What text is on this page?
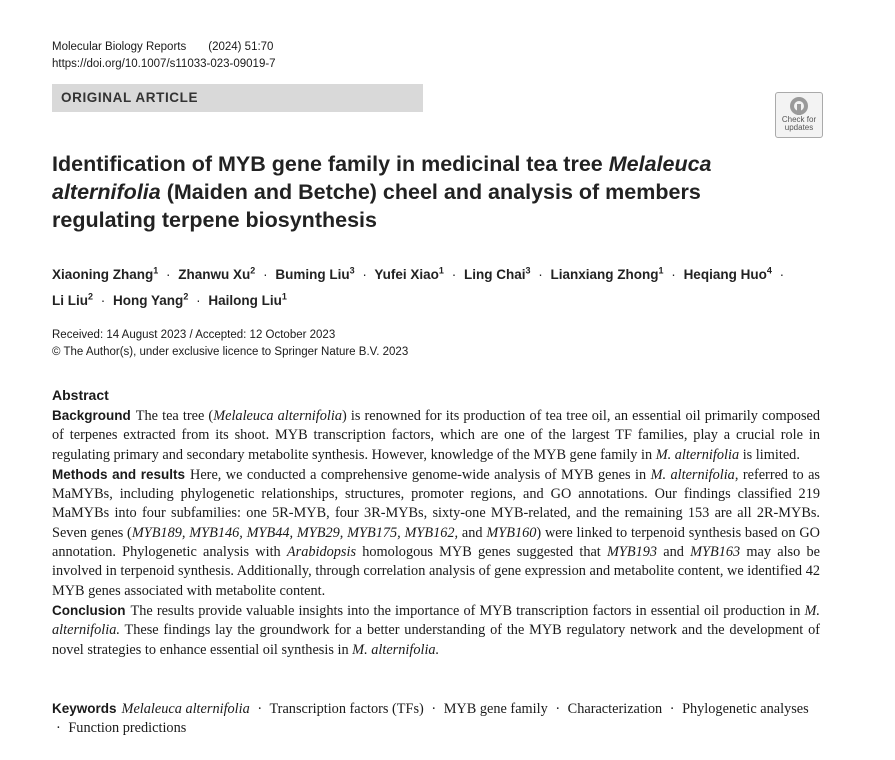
Molecular Biology Reports (2024) 51:70
https://doi.org/10.1007/s11033-023-09019-7
ORIGINAL ARTICLE
Check for
updates
Identification of MYB gene family in medicinal tea tree Melaleuca alternifolia (Maiden and Betche) cheel and analysis of members regulating terpene biosynthesis
Xiaoning Zhang$^1$ · Zhanwu $Xu^2 \cdot Buming$ Liu$^3$ · Yufei Xiao$^1$ · Ling Chai$^3$ · Lianxiang Zhong$^1$ · Heqiang Huo$^4$ · Li Liu$^2$ · Hong Yang$^2$ · Hailong Liu$^1$
Received: 14 August 2023 / Accepted: 12 October 2023
© The Author(s), under exclusive licence to Springer Nature B.V. 2023
Abstract

Background The tea tree (Melaleuca alternifolia) is renowned for its production of tea tree oil, an essential oil primarily composed of terpenes extracted from its shoot. MYB transcription factors, which are one of the largest TF families, play a crucial role in regulating primary and secondary metabolite synthesis. However, knowledge of the MYB gene family in M. alternifolia is limited.

Methods and results Here, we conducted a comprehensive genome-wide analysis of MYB genes in M. alternifolia, referred to as MaMYBs, including phylogenetic relationships, structures, promoter regions, and GO annotations. Our findings classified 219 MaMYBs into four subfamilies: one 5R-MYB, four 3R-MYBs, sixty-one MYB-related, and the remaining 153 are all 2R-MYBs. Seven genes (MYB189, MYB146, MYB44, MYB29, MYB175, MYB162, and MYB160) were linked to terpenoid synthesis based on GO annotation. Phylogenetic analysis with Arabidopsis homologous MYB genes suggested that MYB193 and MYB163 may also be involved in terpenoid synthesis. Additionally, through correlation analysis of gene expression and metabolite content, we identified 42 MYB genes associated with metabolite content.

Conclusion The results provide valuable insights into the importance of MYB transcription factors in essential oil production in M. alternifolia. These findings lay the groundwork for a better understanding of the MYB regulatory network and the development of novel strategies to enhance essential oil synthesis in M. alternifolia.

Keywords Melaleuca alternifolia · Transcription factors (TFs) · MYB gene family · Characterization · Phylogenetic analyses · Function predictions
